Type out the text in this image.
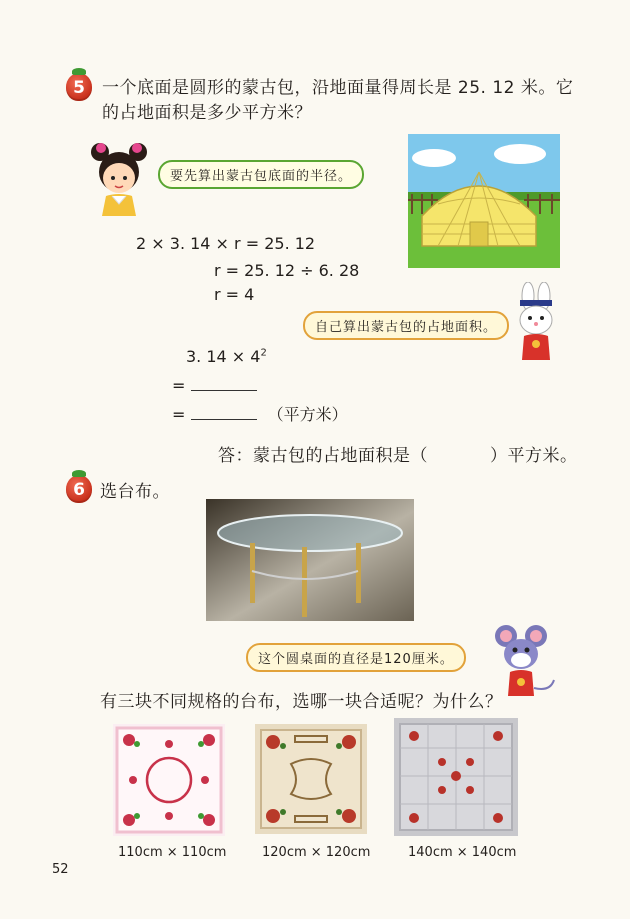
5	一个底面是圆形的蒙古包，沿地面量得周长是 25. 12 米。它
的占地面积是多少平方米？
要先算出蒙古包底面的半径。
2 × 3. 14 × r = 25. 12
r = 25. 12 ÷ 6. 28
r = 4
自己算出蒙古包的占地面积。
3. $14 \times 4^2$
=
=	（平方米）
答：蒙古包的占地面积是（	）平方米。
6 选台布。
这个圆桌面的直径是120厘米。
有三块不同规格的台布，选哪一块合适呢？为什么？
110cm × 110cm	120cm × 120cm	140cm × 140cm
52
